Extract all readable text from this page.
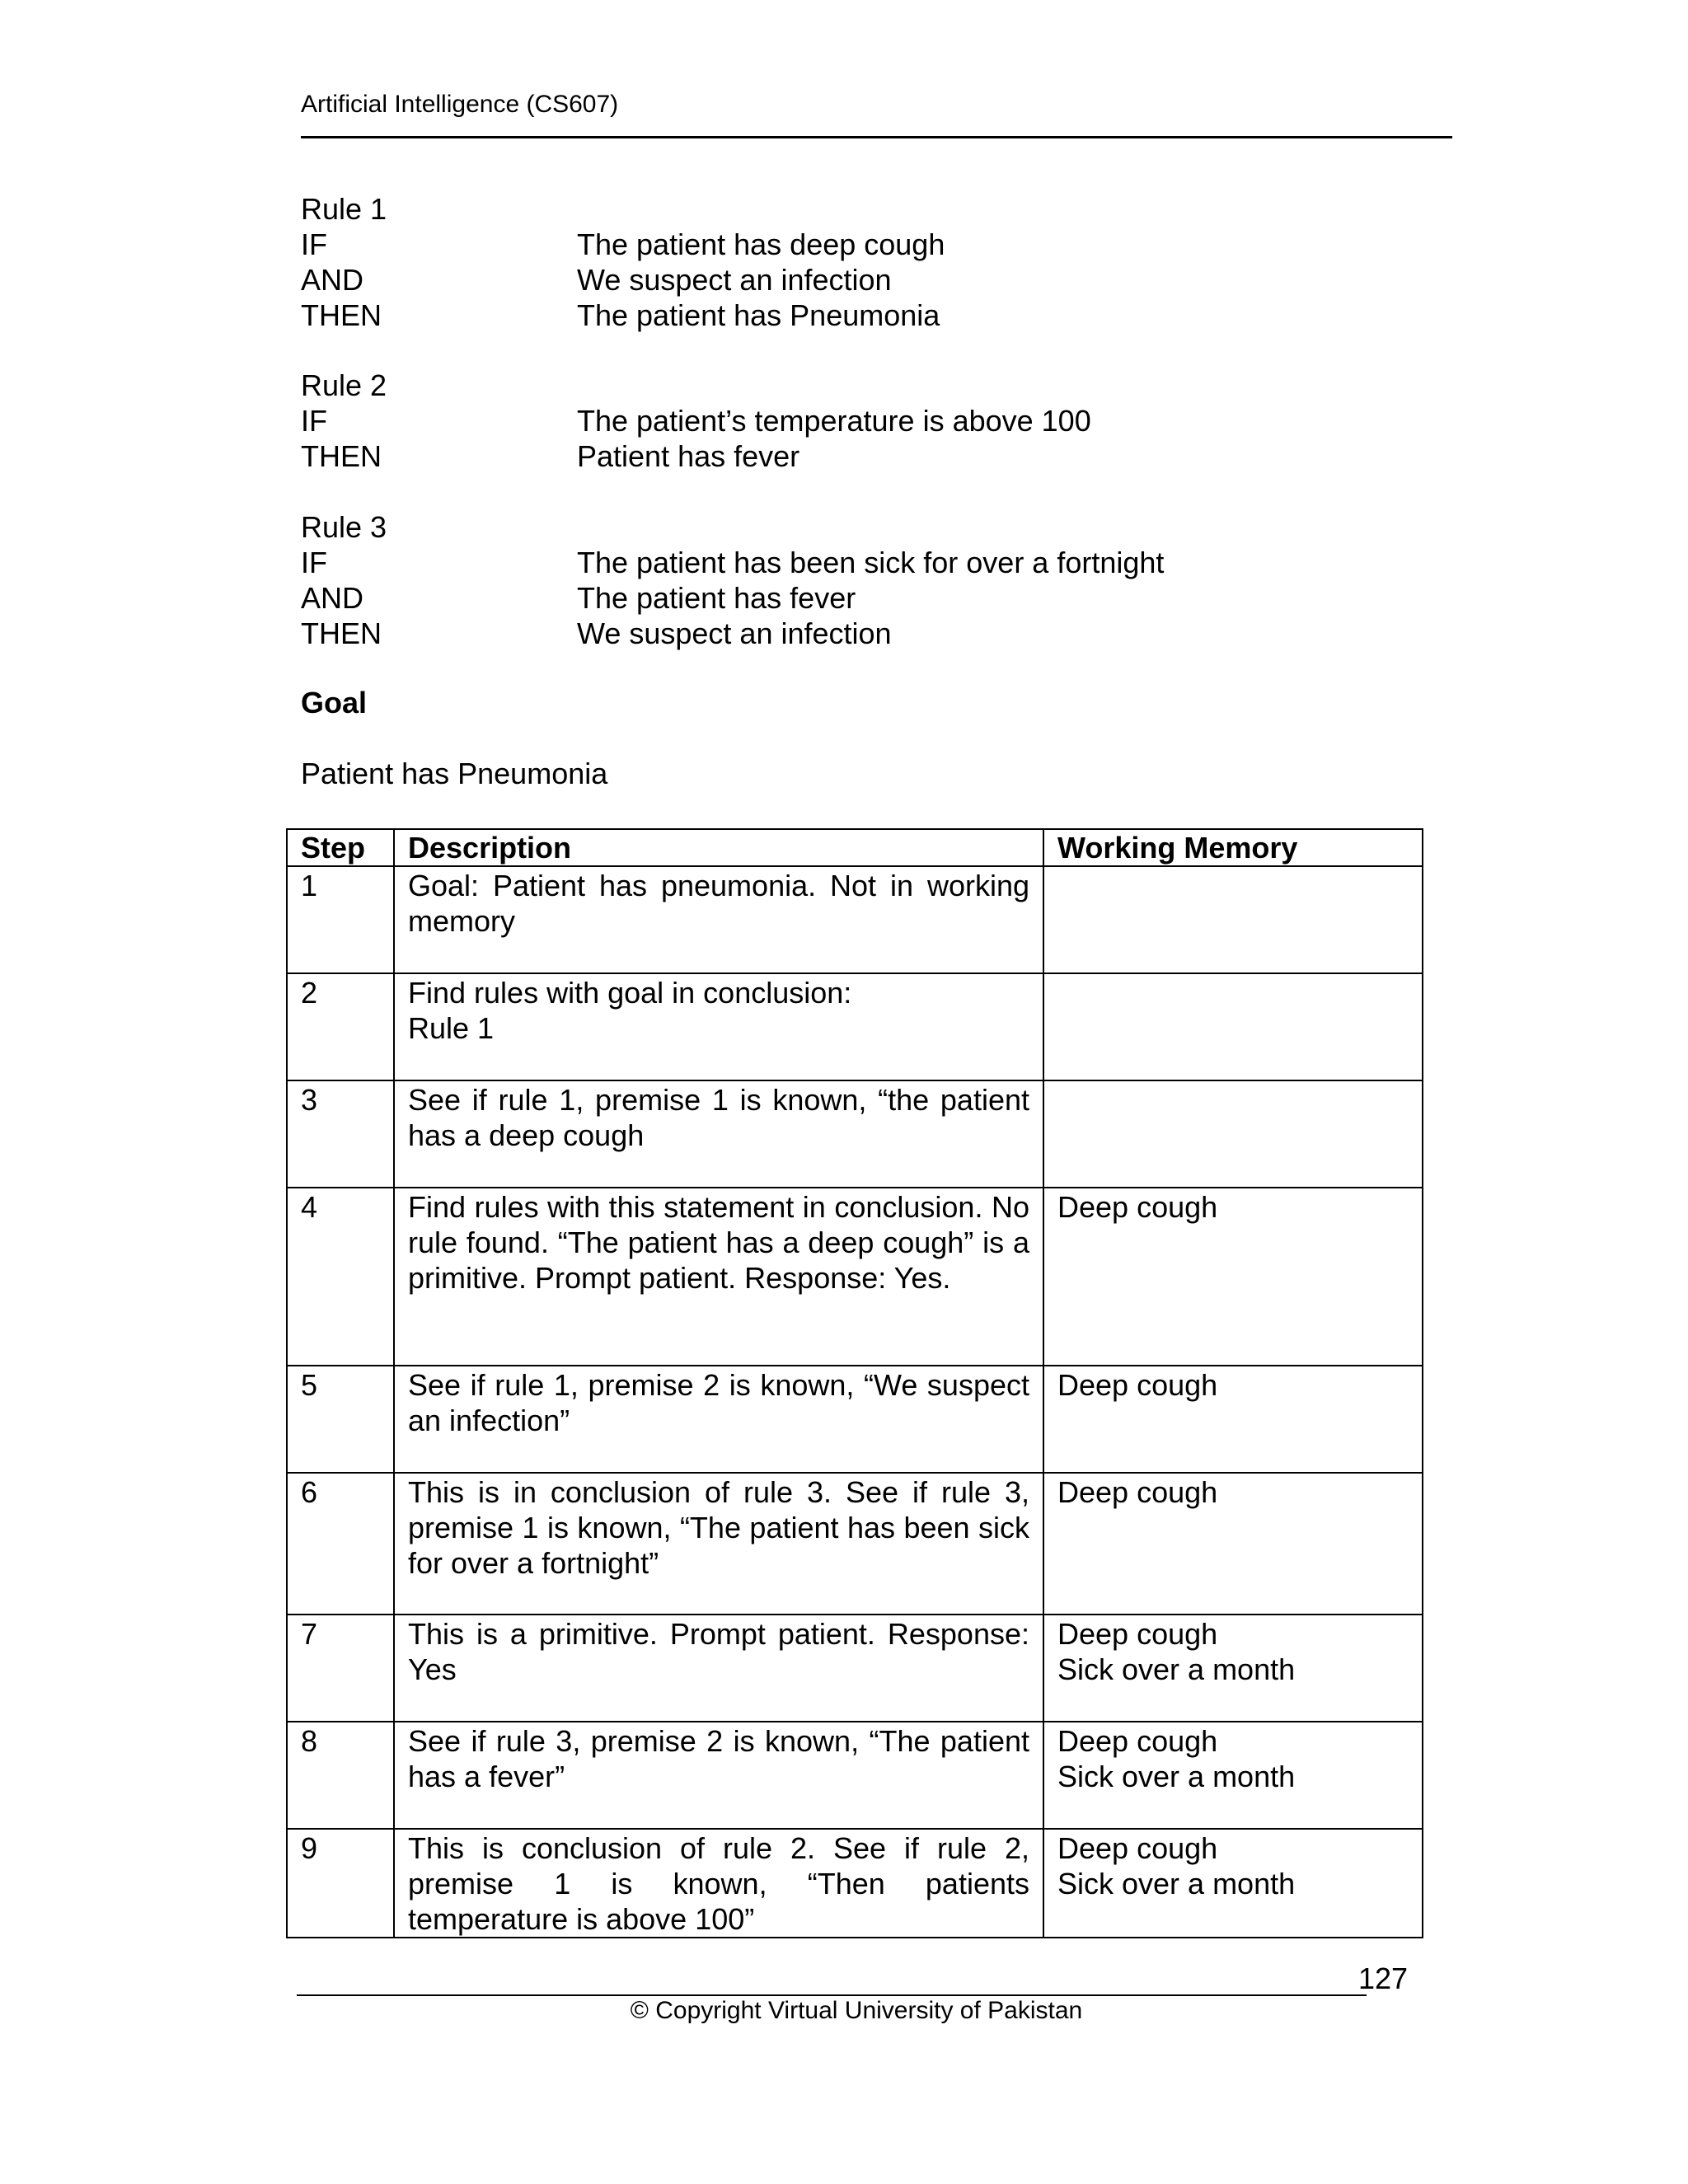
Artificial Intelligence (CS607)
Rule 1
IF	The patient has deep cough
AND	We suspect an infection
THEN	The patient has Pneumonia
Rule 2
IF	The patient’s temperature is above 100
THEN	Patient has fever
Rule 3
IF	The patient has been sick for over a fortnight
AND	The patient has fever
THEN	We suspect an infection
Goal
Patient has Pneumonia
Step	Description	Working Memory
1	Goal: Patient has pneumonia. Not in working memory	
2	Find rules with goal in conclusion:
Rule 1	

3	See if rule 1, premise 1 is known, “the patient has a deep cough	
4	Find rules with this statement in conclusion. No rule found. “The patient has a deep cough” is a primitive. Prompt patient. Response: Yes.	Deep cough

5	See if rule 1, premise 2 is known, “We suspect an infection”	Deep cough

6	This is in conclusion of rule 3. See if rule 3, premise 1 is known, “The patient has been sick for over a fortnight”	Deep cough

7	This is a primitive. Prompt patient. Response: Yes	Deep cough
Sick over a month

8	See if rule 3, premise 2 is known, “The patient has a fever”	Deep cough
Sick over a month

9	This is conclusion of rule 2. See if rule 2, premise 1 is known, “Then patients temperature is above 100”	Deep cough
Sick over a month
127
© Copyright Virtual University of Pakistan
